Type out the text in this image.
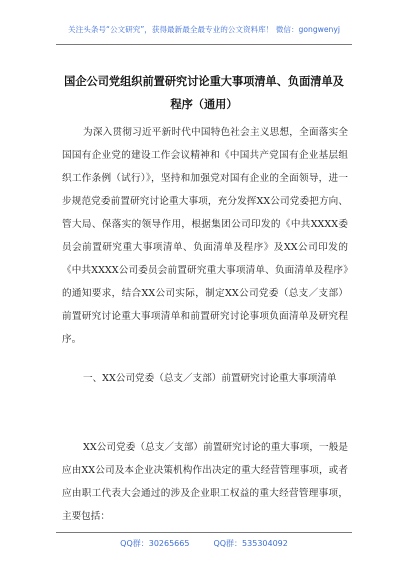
关注头条号“公文研究”，获得最新最全最专业的公文资料库！ 微信：gongwenyj
国企公司党组织前置研究讨论重大事项清单、负面清单及程序（通用）
为深入贯彻习近平新时代中国特色社会主义思想，全面落实全国国有企业党的建设工作会议精神和《中国共产党国有企业基层组织工作条例（试行）》，坚持和加强党对国有企业的全面领导，进一步规范党委前置研究讨论重大事项，充分发挥XX公司党委把方向、管大局、保落实的领导作用，根据集团公司印发的《中共XXXX委员会前置研究重大事项清单、负面清单及程序》及XX公司印发的《中共XXXX公司委员会前置研究重大事项清单、负面清单及程序》的通知要求，结合XX公司实际，制定XX公司党委（总支／支部）前置研究讨论重大事项清单和前置研究讨论事项负面清单及研究程序。
一、XX公司党委（总支／支部）前置研究讨论重大事项清单
XX公司党委（总支／支部）前置研究讨论的重大事项，一般是应由XX公司及本企业决策机构作出决定的重大经营管理事项，或者应由职工代表大会通过的涉及企业职工权益的重大经营管理事项，主要包括：
QQ群：30265665	QQ群：535304092
